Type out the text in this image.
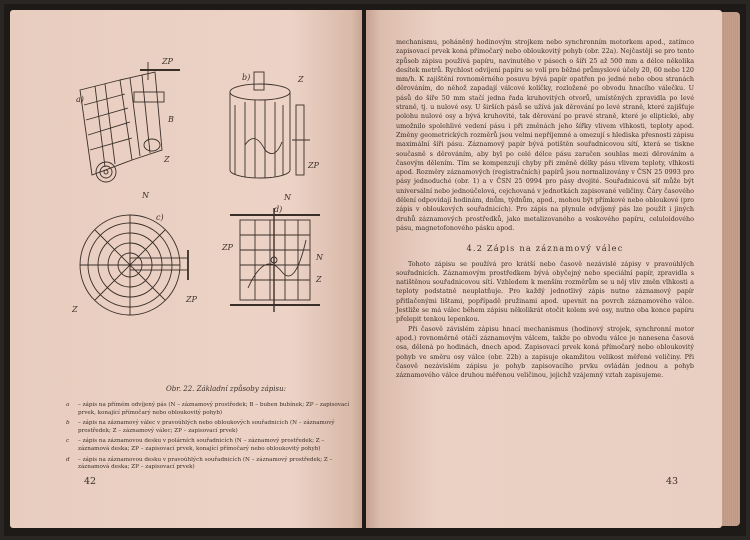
a)
ZP
B
Z
N
b)	Z
ZP
N
c)
Z
ZP
d)
ZP
N
Z
Obr. 22. Základní způsoby zápisu:
a	– zápis na přímém odvíjený pás (N – záznamový prostředek; B – buben bubínek; ZP – zapisovací prvek, konající přímočarý nebo obloukovitý pohyb)
b	– zápis na záznamový válec v pravoúhlých nebo obloukových souřadnicích (N – záznamový prostředek; Z – záznamový válec; ZP – zapisovací prvek)
c	– zápis na záznamovou desku v polárních souřadnicích (N – záznamový prostředek; Z – záznamová deska; ZP – zapisovací prvek, konající přímočarý nebo obloukovitý pohyb)
d	– zápis na záznamovou desku v pravoúhlých souřadnicích (N – záznamový prostředek; Z – záznamová deska; ZP – zapisovací prvek)
42

mechanismu, poháněný hodinovým strojkem nebo synchronním motorkem apod., zatímco zapisovací prvek koná přímočarý nebo obloukovitý pohyb (obr. 22a). Nejčastěji se pro tento způsob zápisu používá papíru, navinutého v pásech o šíři 25 až 500 mm a délce několika desítek metrů. Rychlost odvíjení papíru se volí pro běžné průmyslové účely 20, 60 nebo 120 mm/h. K zajištění rovnoměrného posuvu bývá papír opatřen po jedné nebo obou stranách děrováním, do něhož zapadají válcové kolíčky, rozložené po obvodu hnacího válečku. U pásů do šíře 50 mm stačí jedna řada kruhovitých otvorů, umístěných zpravidla po levé straně, tj. u nulové osy. U širších pásů se užívá jak děrování po levé straně, které zajišťuje polohu nulové osy a bývá kruhovité, tak děrování po pravé straně, které je eliptické, aby umožnilo spolehlivé vedení pásu i při změnách jeho šířky vlivem vlhkosti, teploty apod. Změny geometrických rozměrů jsou velmi nepříjemné a omezují s hlediska přesnosti zápisu maximální šíři pásu. Záznamový papír bývá potištěn souřadnicovou sítí, která se tiskne současně s děrováním, aby byl po celé délce pásu zaručen souhlas mezi děrováním a časovým dělením. Tím se kompenzují chyby při změně délky pásu vlivem teploty, vlhkosti apod. Rozměry záznamových (registračních) papírů jsou normalizovány v ČSN 25 0993 pro pásy jednoduché (obr. 1) a v ČSN 25 0994 pro pásy dvojité. Souřadnicová síť může být universální nebo jednoúčelová, cejchovaná v jednotkách zapisované veličiny. Čáry časového dělení odpovídají hodinám, dnům, týdnům, apod., mohou být přímkové nebo obloukové (pro zápis v obloukových souřadnicích). Pro zápis na plynule odvíjený pás lze použít i jiných druhů záznamových prostředků, jako metalizovaného a voskového papíru, celuloidového pásu, magnetofonového pásku apod.

4.2 Zápis na záznamový válec

Tohoto zápisu se používá pro krátší nebo časově nezávislé zápisy v pravoúhlých souřadnicích. Záznamovým prostředkem bývá obyčejný nebo speciální papír, zpravidla s natištěnou souřadnicovou sítí. Vzhledem k menším rozměrům se u něj vliv změn vlhkosti a teploty podstatně neuplatňuje. Pro každý jednotlivý zápis nutno záznamový papír přitlačenými lištami, popřípadě pružinami apod. upevnit na povrch záznamového válce. Jestliže se má válec během zápisu několikrát otočit kolem své osy, nutno oba konce papíru přelepit tenkou lepenkou.

Při časově závislém zápisu hnací mechanismus (hodinový strojek, synchronní motor apod.) rovnoměrně otáčí záznamovým válcem, takže po obvodu válce je nanesena časová osa, dělená po hodinách, dnech apod. Zapisovací prvek koná přímočarý nebo obloukovitý pohyb ve směru osy válce (obr. 22b) a zapisuje okamžitou velikost měřené veličiny. Při časově nezávislém zápisu je pohyb zapisovacího prvku ovládán jednou a pohyb záznamového válce druhou měřenou veličinou, jejichž vzájemný vztah zapisujeme.

43
